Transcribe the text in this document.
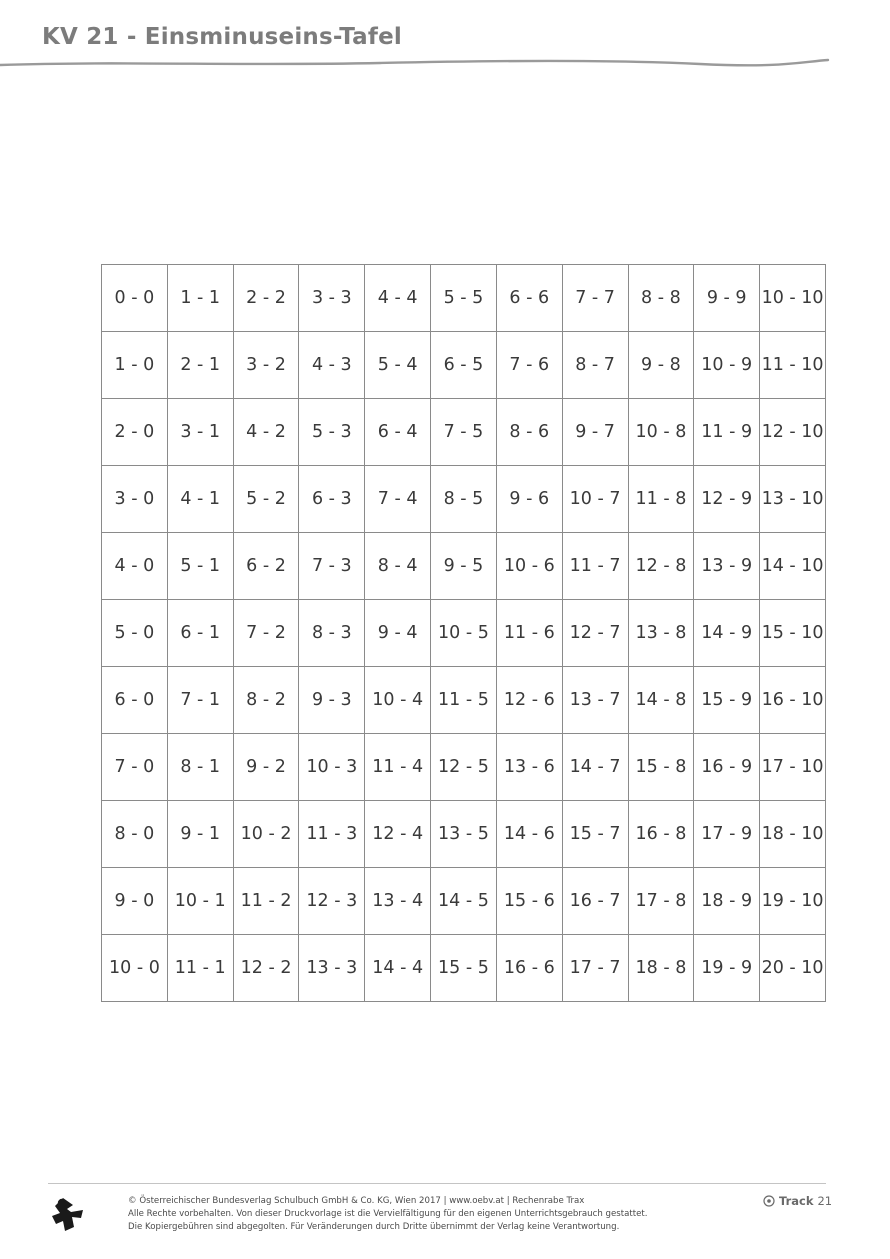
KV 21 - Einsminuseins-Tafel
0 - 0	1 - 1	2 - 2	3 - 3	4 - 4	5 - 5	6 - 6	7 - 7	8 - 8	9 - 9	10 - 10
1 - 0	2 - 1	3 - 2	4 - 3	5 - 4	6 - 5	7 - 6	8 - 7	9 - 8	10 - 9	11 - 10
2 - 0	3 - 1	4 - 2	5 - 3	6 - 4	7 - 5	8 - 6	9 - 7	10 - 8	11 - 9	12 - 10
3 - 0	4 - 1	5 - 2	6 - 3	7 - 4	8 - 5	9 - 6	10 - 7	11 - 8	12 - 9	13 - 10
4 - 0	5 - 1	6 - 2	7 - 3	8 - 4	9 - 5	10 - 6	11 - 7	12 - 8	13 - 9	14 - 10
5 - 0	6 - 1	7 - 2	8 - 3	9 - 4	10 - 5	11 - 6	12 - 7	13 - 8	14 - 9	15 - 10
6 - 0	7 - 1	8 - 2	9 - 3	10 - 4	11 - 5	12 - 6	13 - 7	14 - 8	15 - 9	16 - 10
7 - 0	8 - 1	9 - 2	10 - 3	11 - 4	12 - 5	13 - 6	14 - 7	15 - 8	16 - 9	17 - 10
8 - 0	9 - 1	10 - 2	11 - 3	12 - 4	13 - 5	14 - 6	15 - 7	16 - 8	17 - 9	18 - 10
9 - 0	10 - 1	11 - 2	12 - 3	13 - 4	14 - 5	15 - 6	16 - 7	17 - 8	18 - 9	19 - 10
10 - 0	11 - 1	12 - 2	13 - 3	14 - 4	15 - 5	16 - 6	17 - 7	18 - 8	19 - 9	20 - 10
© Österreichischer Bundesverlag Schulbuch GmbH & Co. KG, Wien 2017 | www.oebv.at | Rechenrabe Trax
Alle Rechte vorbehalten. Von dieser Druckvorlage ist die Vervielfältigung für den eigenen Unterrichtsgebrauch gestattet.
Die Kopiergebühren sind abgegolten. Für Veränderungen durch Dritte übernimmt der Verlag keine Verantwortung.
Track 21
